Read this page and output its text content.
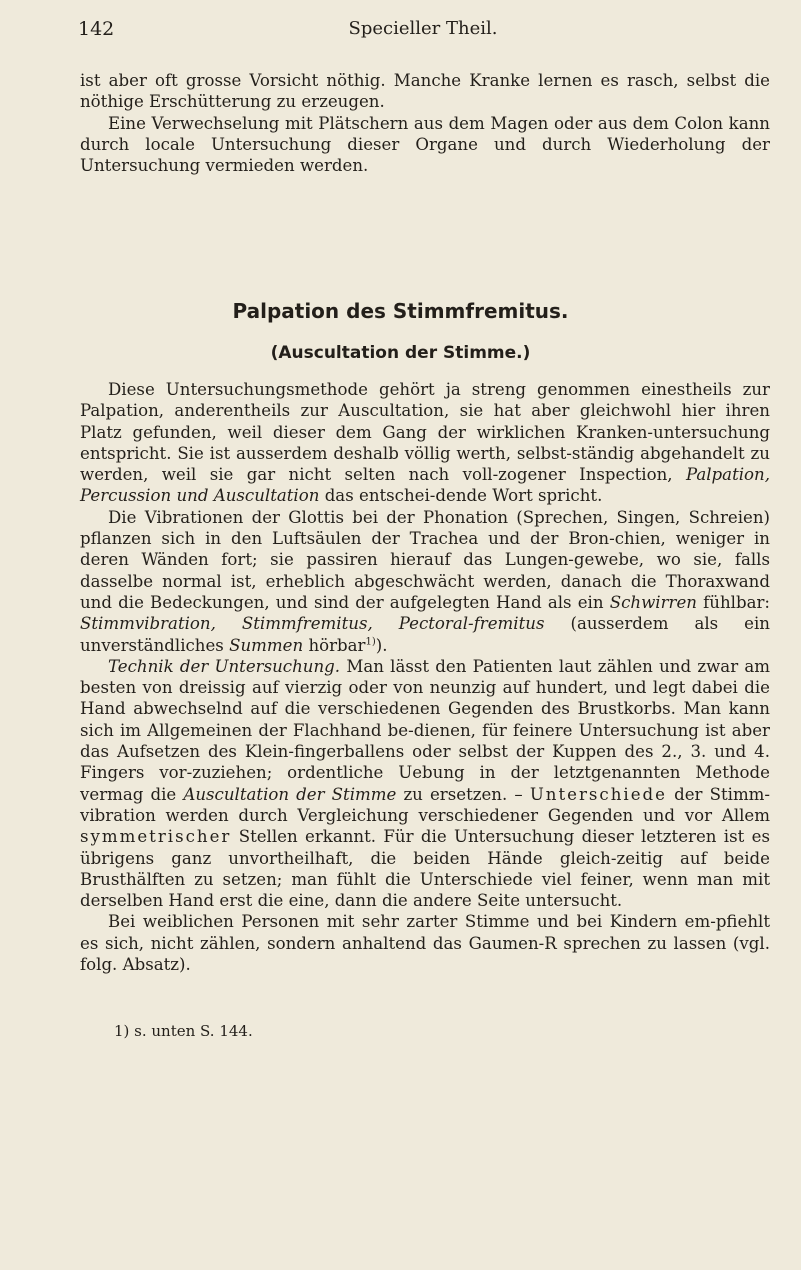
142	Specieller Theil.

ist aber oft grosse Vorsicht nöthig. Manche Kranke lernen es rasch, selbst die nöthige Erschütterung zu erzeugen.

Eine Verwechselung mit Plätschern aus dem Magen oder aus dem Colon kann durch locale Untersuchung dieser Organe und durch Wiederholung der Untersuchung vermieden werden.

Palpation des Stimmfremitus.
(Auscultation der Stimme.)

Diese Untersuchungsmethode gehört ja streng genommen einestheils zur Palpation, anderentheils zur Auscultation, sie hat aber gleichwohl hier ihren Platz gefunden, weil dieser dem Gang der wirklichen Kranken-untersuchung entspricht. Sie ist ausserdem deshalb völlig werth, selbst-ständig abgehandelt zu werden, weil sie gar nicht selten nach voll-zogener Inspection, Palpation, Percussion und Auscultation das entschei-dende Wort spricht.

Die Vibrationen der Glottis bei der Phonation (Sprechen, Singen, Schreien) pflanzen sich in den Luftsäulen der Trachea und der Bron-chien, weniger in deren Wänden fort; sie passiren hierauf das Lungen-gewebe, wo sie, falls dasselbe normal ist, erheblich abgeschwächt werden, danach die Thoraxwand und die Bedeckungen, und sind der aufgelegten Hand als ein Schwirren fühlbar: Stimmvibration, Stimmfremitus, Pectoral-fremitus (ausserdem als ein unverständliches Summen hörbar$^{1)}$).

Technik der Untersuchung. Man lässt den Patienten laut zählen und zwar am besten von dreissig auf vierzig oder von neunzig auf hundert, und legt dabei die Hand abwechselnd auf die verschiedenen Gegenden des Brustkorbs. Man kann sich im Allgemeinen der Flachhand be-dienen, für feinere Untersuchung ist aber das Aufsetzen des Klein-fingerballens oder selbst der Kuppen des 2., 3. und 4. Fingers vor-zuziehen; ordentliche Uebung in der letztgenannten Methode vermag die Auscultation der Stimme zu ersetzen. – Unterschiede der Stimm-vibration werden durch Vergleichung verschiedener Gegenden und vor Allem symmetrischer Stellen erkannt. Für die Untersuchung dieser letzteren ist es übrigens ganz unvortheilhaft, die beiden Hände gleich-zeitig auf beide Brusthälften zu setzen; man fühlt die Unterschiede viel feiner, wenn man mit derselben Hand erst die eine, dann die andere Seite untersucht.

Bei weiblichen Personen mit sehr zarter Stimme und bei Kindern em-pfiehlt es sich, nicht zählen, sondern anhaltend das Gaumen-R sprechen zu lassen (vgl. folg. Absatz).

1) s. unten S. 144.
